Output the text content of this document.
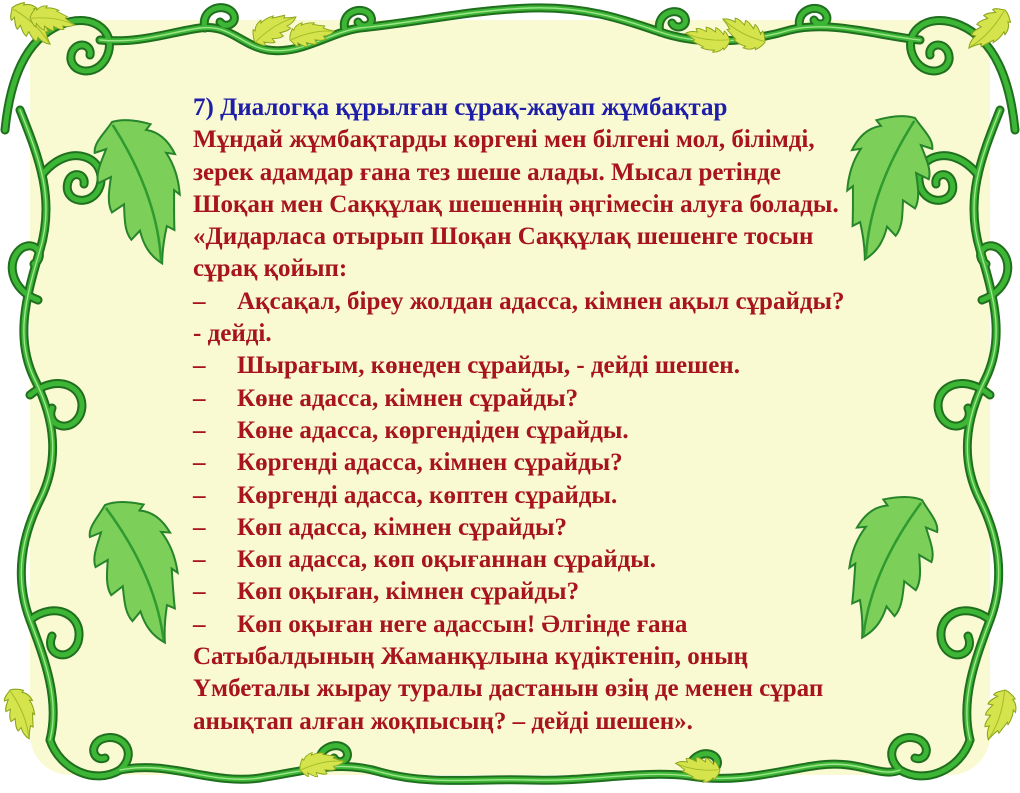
7) Диалогқа құрылған сұрақ-жауап жұмбақтар
Мұндай жұмбақтарды көргені мен білгені мол, білімді,
зерек адамдар ғана тез шеше алады. Мысал ретінде
Шоқан мен Саққұлақ шешеннің әңгімесін алуға болады.
«Дидарласа отырып Шоқан Саққұлақ шешенге тосын
сұрақ қойып:
– Ақсақал, біреу жолдан адасса, кімнен ақыл сұрайды?
- дейді.
– Шырағым, көнеден сұрайды, - дейді шешен.
– Көне адасса, кімнен сұрайды?
– Көне адасса, көргендіден сұрайды.
– Көргенді адасса, кімнен сұрайды?
– Көргенді адасса, көптен сұрайды.
– Көп адасса, кімнен сұрайды?
– Көп адасса, көп оқығаннан сұрайды.
– Көп оқыған, кімнен сұрайды?
– Көп оқыған неге адассын! Әлгінде ғана
Сатыбалдының Жаманқұлына күдіктеніп, оның
Үмбеталы жырау туралы дастанын өзің де менен сұрап
анықтап алған жоқпысың? – дейді шешен».
